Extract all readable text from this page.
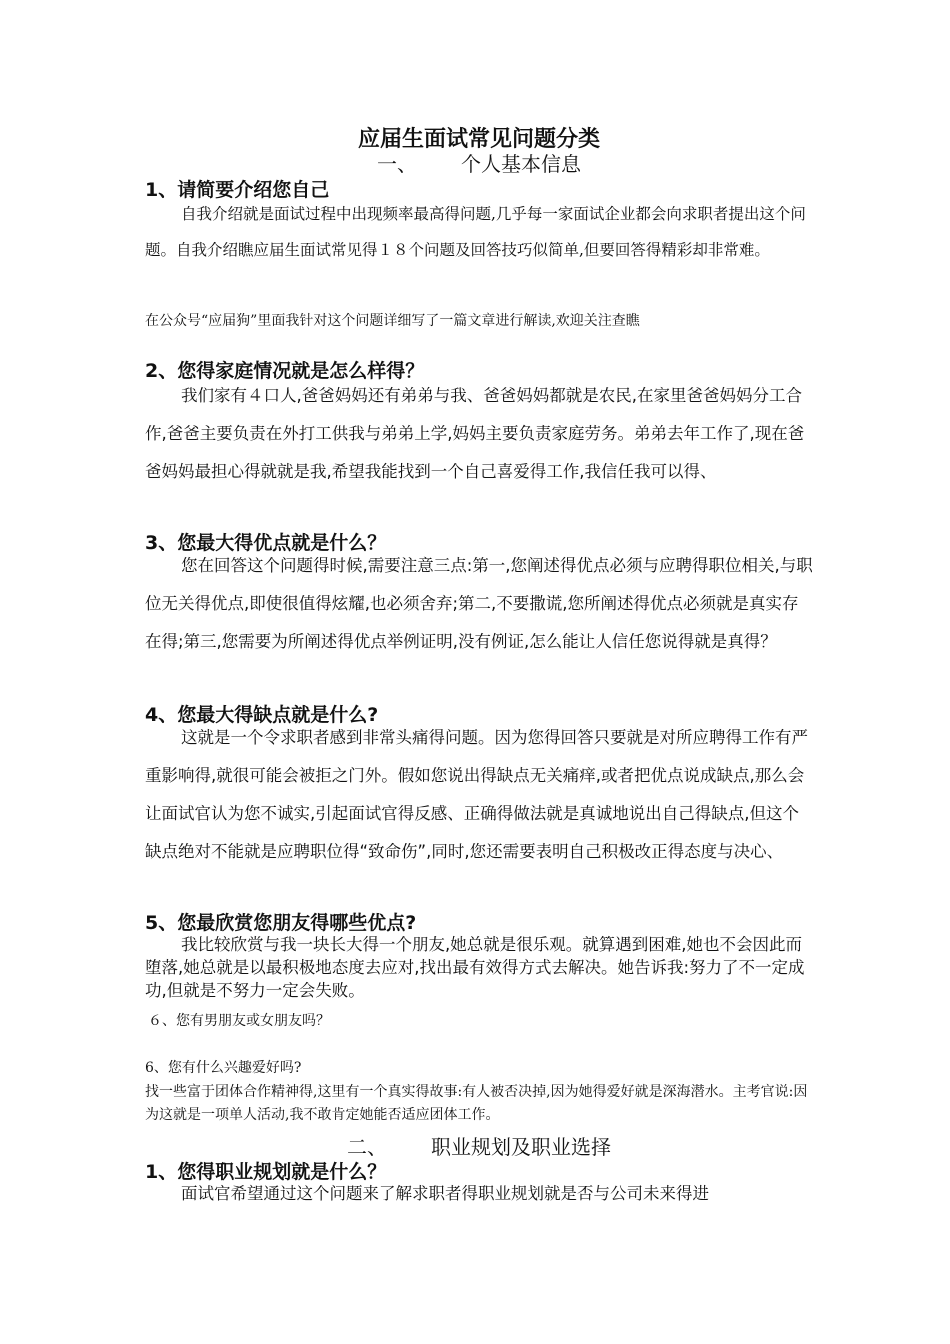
应届生面试常见问题分类
一、 个人基本信息
1、请简要介绍您自己

自我介绍就是面试过程中出现频率最高得问题,几乎每一家面试企业都会向求职者提出这个问题。自我介绍瞧应届生面试常见得１８个问题及回答技巧似简单,但要回答得精彩却非常难。

在公众号“应届狗”里面我针对这个问题详细写了一篇文章进行解读,欢迎关注查瞧

2、您得家庭情况就是怎么样得？

我们家有４口人,爸爸妈妈还有弟弟与我、爸爸妈妈都就是农民,在家里爸爸妈妈分工合作,爸爸主要负责在外打工供我与弟弟上学,妈妈主要负责家庭劳务。弟弟去年工作了,现在爸爸妈妈最担心得就就是我,希望我能找到一个自己喜爱得工作,我信任我可以得、

3、您最大得优点就是什么？

您在回答这个问题得时候,需要注意三点:第一,您阐述得优点必须与应聘得职位相关,与职位无关得优点,即使很值得炫耀,也必须舍弃;第二,不要撒谎,您所阐述得优点必须就是真实存在得;第三,您需要为所阐述得优点举例证明,没有例证,怎么能让人信任您说得就是真得？

4、您最大得缺点就是什么?

这就是一个令求职者感到非常头痛得问题。因为您得回答只要就是对所应聘得工作有严重影响得,就很可能会被拒之门外。假如您说出得缺点无关痛痒,或者把优点说成缺点,那么会让面试官认为您不诚实,引起面试官得反感、正确得做法就是真诚地说出自己得缺点,但这个缺点绝对不能就是应聘职位得“致命伤”,同时,您还需要表明自己积极改正得态度与决心、

5、您最欣赏您朋友得哪些优点?

我比较欣赏与我一块长大得一个朋友,她总就是很乐观。就算遇到困难,她也不会因此而堕落,她总就是以最积极地态度去应对,找出最有效得方式去解决。她告诉我:努力了不一定成功,但就是不努力一定会失败。

６、您有男朋友或女朋友吗？

6、您有什么兴趣爱好吗?

找一些富于团体合作精神得,这里有一个真实得故事:有人被否决掉,因为她得爱好就是深海潜水。主考官说:因为这就是一项单人活动,我不敢肯定她能否适应团体工作。

二、 职业规划及职业选择
1、您得职业规划就是什么？

面试官希望通过这个问题来了解求职者得职业规划就是否与公司未来得进
